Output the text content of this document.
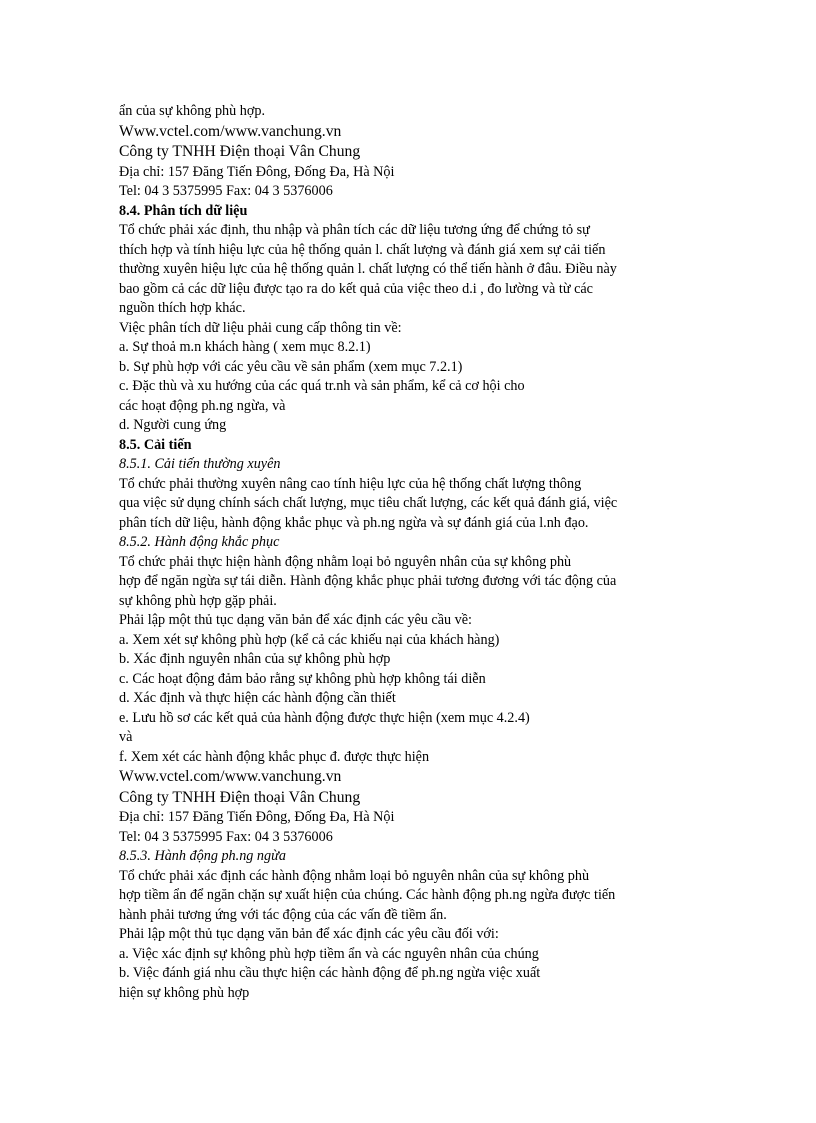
ẩn của sự không phù hợp.
Www.vctel.com/www.vanchung.vn
Công ty TNHH Điện thoại Vân Chung
Địa chỉ: 157 Đăng Tiến Đông, Đống Đa, Hà Nội
Tel: 04 3 5375995 Fax: 04 3 5376006
8.4. Phân tích dữ liệu
Tổ chức phải xác định, thu nhập và phân tích các dữ liệu tương ứng để chứng tỏ sự
thích hợp và tính hiệu lực của hệ thống quản l. chất lượng và đánh giá xem sự cải tiến
thường xuyên hiệu lực của hệ thống quản l. chất lượng có thể tiến hành ở đâu. Điều này
bao gồm cả các dữ liệu được tạo ra do kết quả của việc theo d.i , đo lường và từ các
nguồn thích hợp khác.
Việc phân tích dữ liệu phải cung cấp thông tin về:
a. Sự thoả m.n khách hàng ( xem mục 8.2.1)
b. Sự phù hợp với các yêu cầu về sản phẩm (xem mục 7.2.1)
c. Đặc thù và xu hướng của các quá tr.nh và sản phẩm, kể cả cơ hội cho
các hoạt động ph.ng ngừa, và
d. Người cung ứng
8.5. Cải tiến
8.5.1. Cải tiến thường xuyên
Tổ chức phải thường xuyên nâng cao tính hiệu lực của hệ thống chất lượng thông
qua việc sử dụng chính sách chất lượng, mục tiêu chất lượng, các kết quả đánh giá, việc
phân tích dữ liệu, hành động khắc phục và ph.ng ngừa và sự đánh giá của l.nh đạo.
8.5.2. Hành động khắc phục
Tổ chức phải thực hiện hành động nhằm loại bỏ nguyên nhân của sự không phù
hợp để ngăn ngừa sự tái diễn. Hành động khắc phục phải tương đương với tác động của
sự không phù hợp gặp phải.
Phải lập một thủ tục dạng văn bản để xác định các yêu cầu về:
a. Xem xét sự không phù hợp (kể cả các khiếu nại của khách hàng)
b. Xác định nguyên nhân của sự không phù hợp
c. Các hoạt động đảm bảo rằng sự không phù hợp không tái diễn
d. Xác định và thực hiện các hành động cần thiết
e. Lưu hồ sơ các kết quả của hành động được thực hiện (xem mục 4.2.4)
và
f. Xem xét các hành động khắc phục đ. được thực hiện
Www.vctel.com/www.vanchung.vn
Công ty TNHH Điện thoại Vân Chung
Địa chỉ: 157 Đăng Tiến Đông, Đống Đa, Hà Nội
Tel: 04 3 5375995 Fax: 04 3 5376006
8.5.3. Hành động ph.ng ngừa
Tổ chức phải xác định các hành động nhằm loại bỏ nguyên nhân của sự không phù
hợp tiềm ẩn để ngăn chặn sự xuất hiện của chúng. Các hành động ph.ng ngừa được tiến
hành phải tương ứng với tác động của các vấn đề tiềm ẩn.
Phải lập một thủ tục dạng văn bản để xác định các yêu cầu đối với:
a. Việc xác định sự không phù hợp tiềm ẩn và các nguyên nhân của chúng
b. Việc đánh giá nhu cầu thực hiện các hành động để ph.ng ngừa việc xuất
hiện sự không phù hợp
